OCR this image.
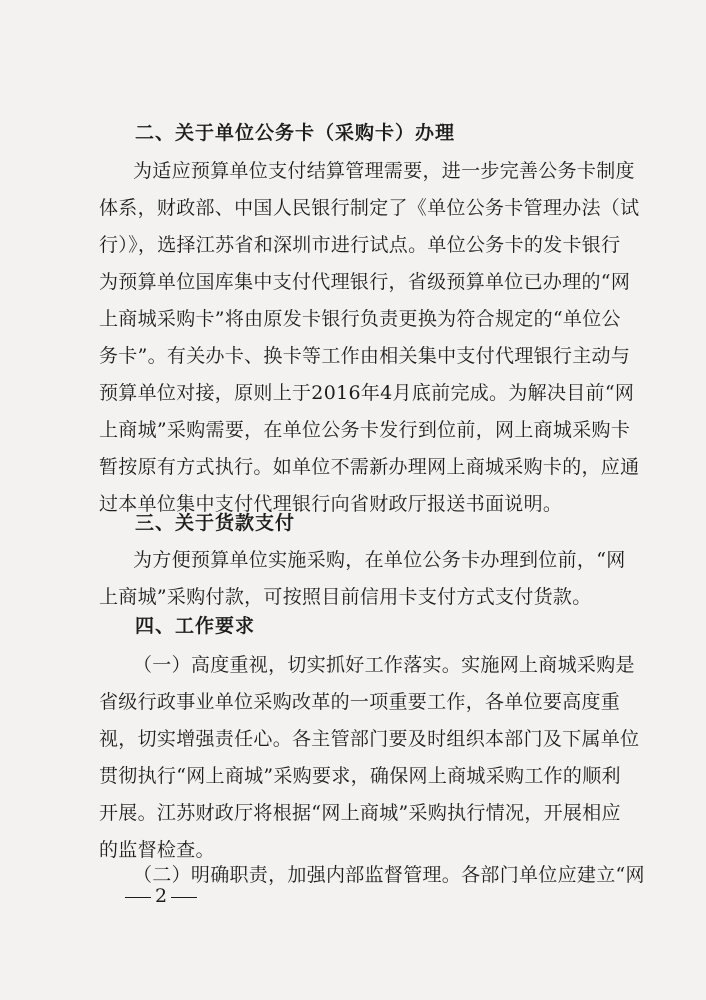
二、关于单位公务卡（采购卡）办理
为适应预算单位支付结算管理需要，进一步完善公务卡制度
体系，财政部、中国人民银行制定了《单位公务卡管理办法（试
行）》，选择江苏省和深圳市进行试点。单位公务卡的发卡银行
为预算单位国库集中支付代理银行，省级预算单位已办理的“网
上商城采购卡”将由原发卡银行负责更换为符合规定的“单位公
务卡”。有关办卡、换卡等工作由相关集中支付代理银行主动与
预算单位对接，原则上于2016年4月底前完成。为解决目前“网
上商城”采购需要，在单位公务卡发行到位前，网上商城采购卡
暂按原有方式执行。如单位不需新办理网上商城采购卡的，应通
过本单位集中支付代理银行向省财政厅报送书面说明。
三、关于货款支付
为方便预算单位实施采购，在单位公务卡办理到位前，“网
上商城”采购付款，可按照目前信用卡支付方式支付货款。
四、工作要求
（一）高度重视，切实抓好工作落实。实施网上商城采购是
省级行政事业单位采购改革的一项重要工作，各单位要高度重
视，切实增强责任心。各主管部门要及时组织本部门及下属单位
贯彻执行“网上商城”采购要求，确保网上商城采购工作的顺利
开展。江苏财政厅将根据“网上商城”采购执行情况，开展相应
的监督检查。
（二）明确职责，加强内部监督管理。各部门单位应建立“网
2
